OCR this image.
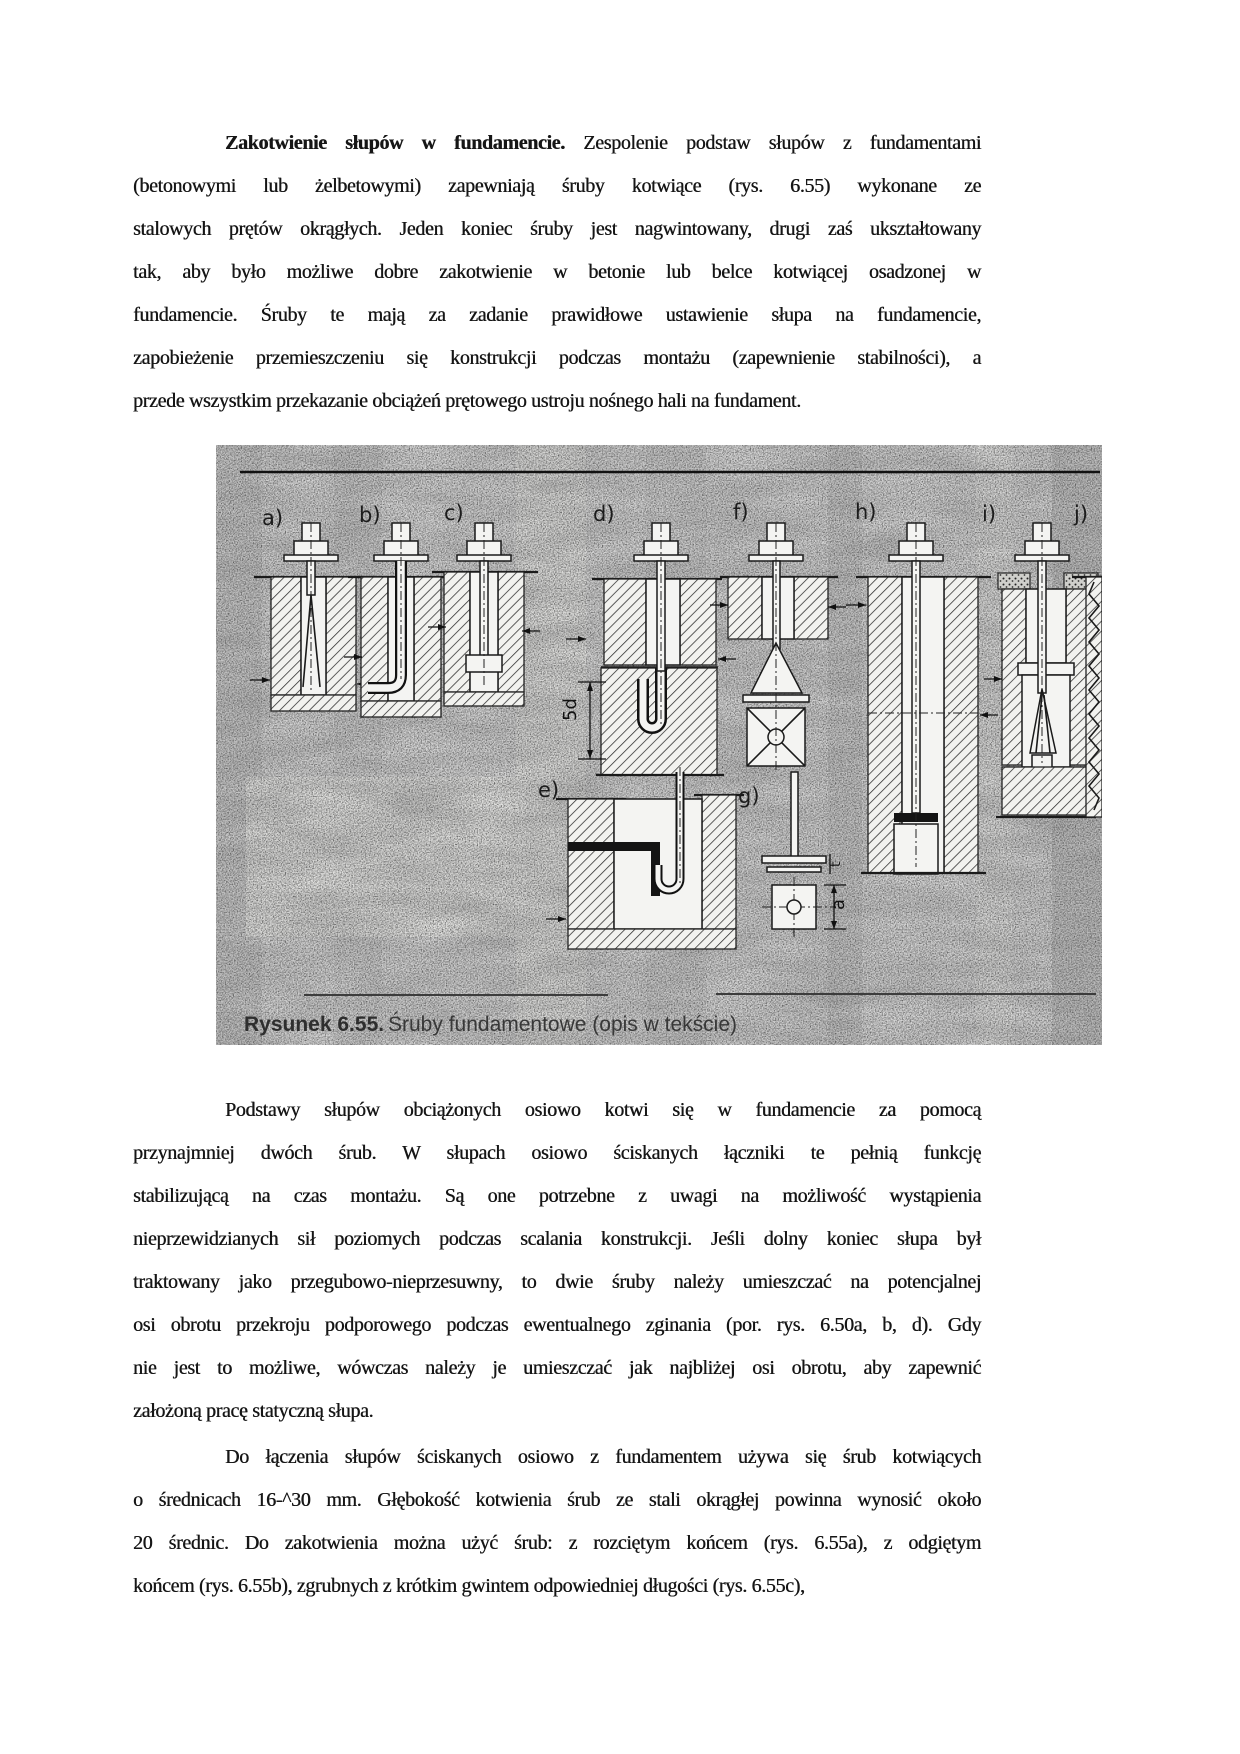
Zakotwienie słupów w fundamencie. Zespolenie podstaw słupów z fundamentami
(betonowymi lub żelbetowymi) zapewniają śruby kotwiące (rys. 6.55) wykonane ze
stalowych prętów okrągłych. Jeden koniec śruby jest nagwintowany, drugi zaś ukształtowany
tak, aby było możliwe dobre zakotwienie w betonie lub belce kotwiącej osadzonej w
fundamencie. Śruby te mają za zadanie prawidłowe ustawienie słupa na fundamencie,
zapobieżenie przemieszczeniu się konstrukcji podczas montażu (zapewnienie stabilności), a
przede wszystkim przekazanie obciążeń prętowego ustroju nośnego hali na fundament.
a)	b)	c)	d)
5d
f)	h)	i)	j)
e)	g)
a
t
Rysunek 6.55. Śruby fundamentowe (opis w tekście)
Podstawy słupów obciążonych osiowo kotwi się w fundamencie za pomocą
przynajmniej dwóch śrub. W słupach osiowo ściskanych łączniki te pełnią funkcję
stabilizującą na czas montażu. Są one potrzebne z uwagi na możliwość wystąpienia
nieprzewidzianych sił poziomych podczas scalania konstrukcji. Jeśli dolny koniec słupa był
traktowany jako przegubowo-nieprzesuwny, to dwie śruby należy umieszczać na potencjalnej
osi obrotu przekroju podporowego podczas ewentualnego zginania (por. rys. 6.50a, b, d). Gdy
nie jest to możliwe, wówczas należy je umieszczać jak najbliżej osi obrotu, aby zapewnić
założoną pracę statyczną słupa.
Do łączenia słupów ściskanych osiowo z fundamentem używa się śrub kotwiących
o średnicach 16-^30 mm. Głębokość kotwienia śrub ze stali okrągłej powinna wynosić około
20 średnic. Do zakotwienia można użyć śrub: z rozciętym końcem (rys. 6.55a), z odgiętym
końcem (rys. 6.55b), zgrubnych z krótkim gwintem odpowiedniej długości (rys. 6.55c),
